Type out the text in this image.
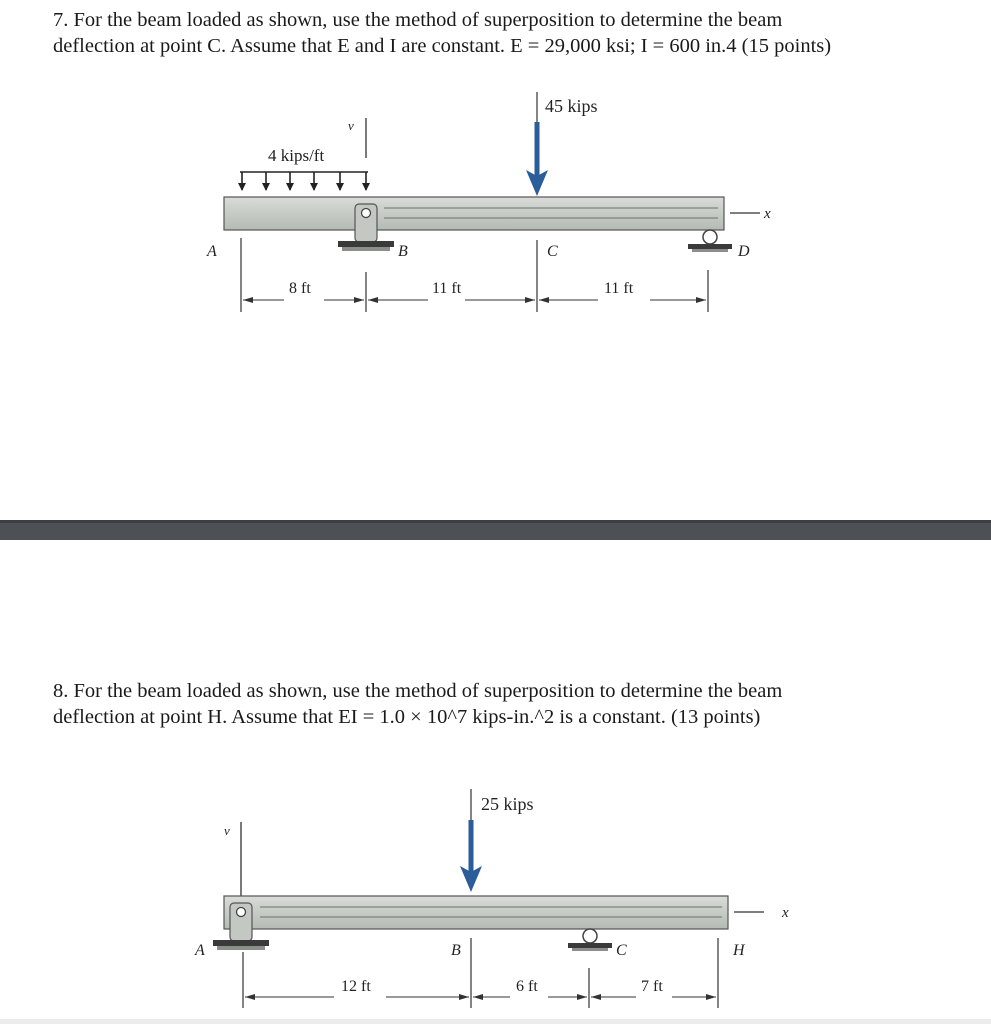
7. For the beam loaded as shown, use the method of superposition to determine the beam
deflection at point C. Assume that E and I are constant. E = 29,000 ksi; I = 600 in.4 (15 points)

v
4 kips/ft
45 kips
x
A	B	C	D
8 ft	11 ft	11 ft

8. For the beam loaded as shown, use the method of superposition to determine the beam
deflection at point H. Assume that EI = 1.0 × 10^7 kips-in.^2 is a constant. (13 points)

v
25 kips
x
A	B	C	H
12 ft	6 ft	7 ft
